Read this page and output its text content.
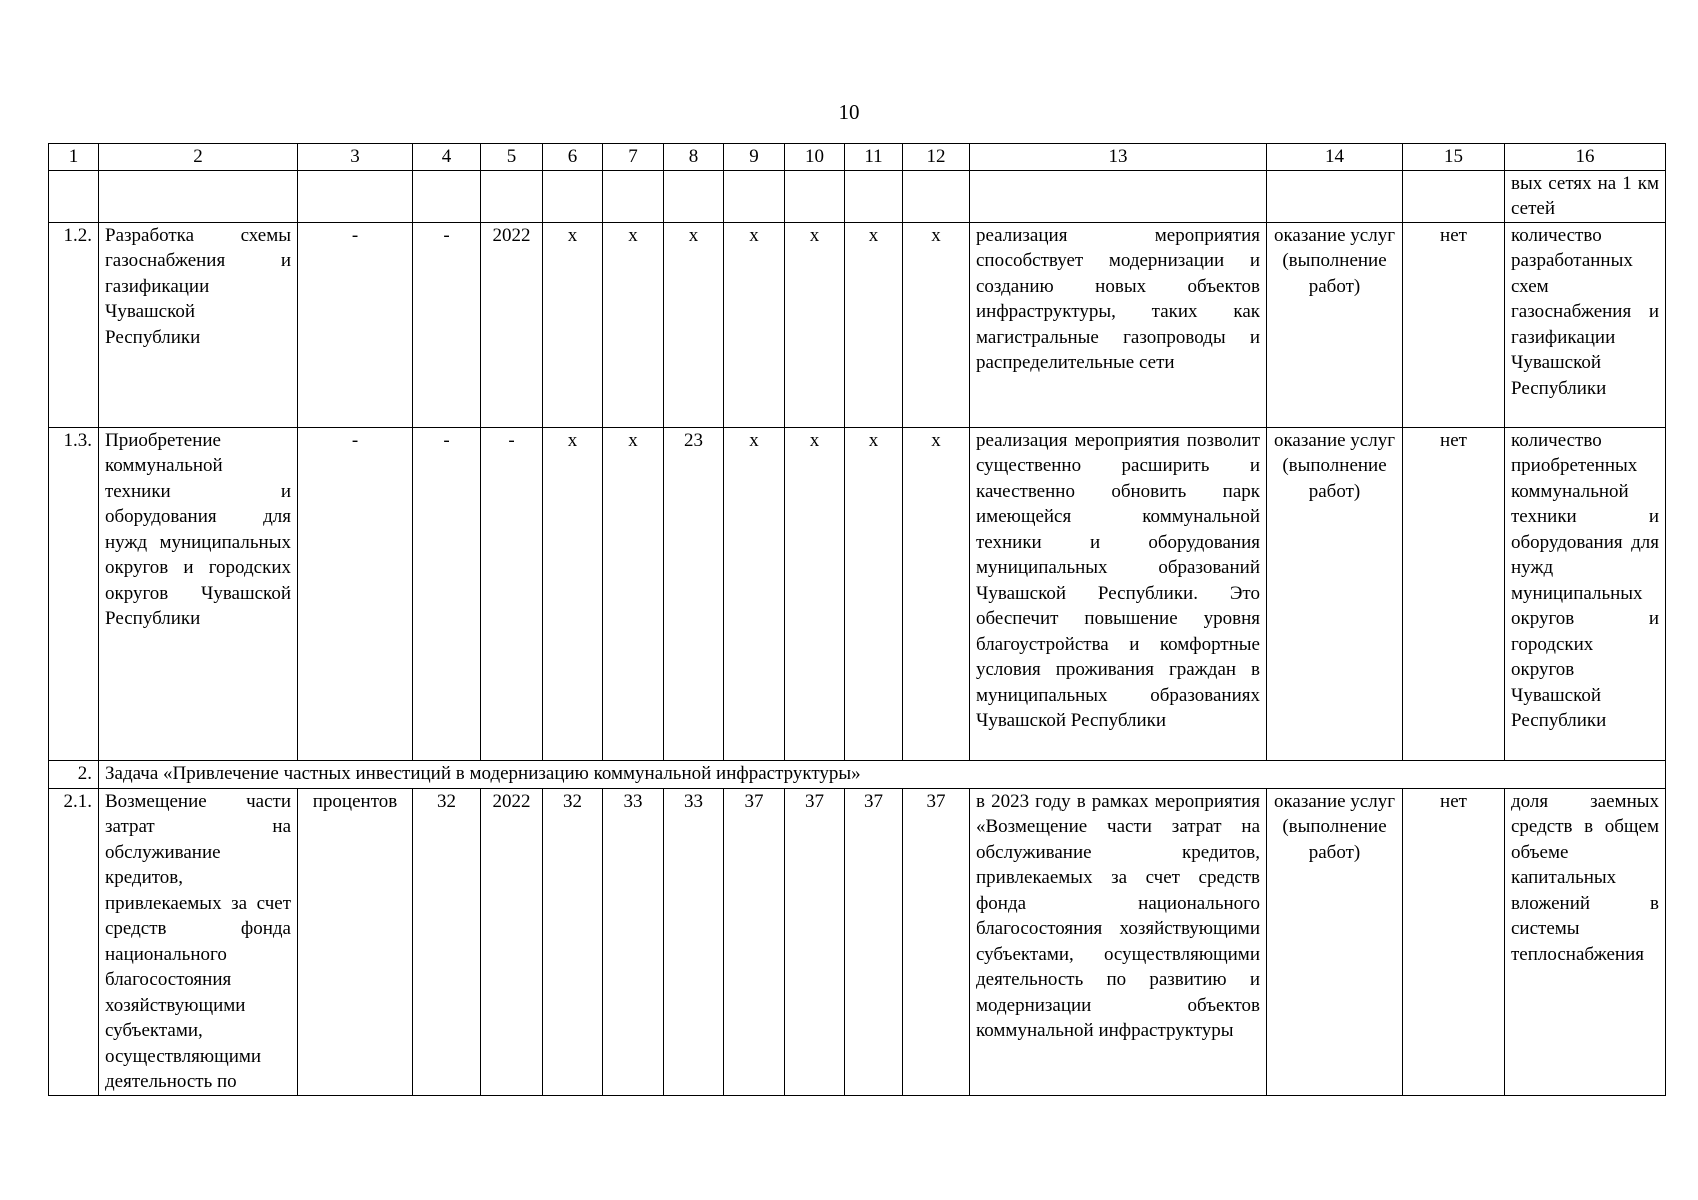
10
1	2	3	4	5	6	7	8	9	10	11	12	13	14	15	16
															вых сетях на 1 км сетей
1.2.	Разработка схемы газоснабжения и газификации Чувашской Республики	-	-	2022	х	х	х	х	х	х	х	реализация мероприятия способствует модернизации и созданию новых объектов инфраструктуры, таких как магистральные газопроводы и распределительные сети	оказание услуг (выполнение работ)	нет	количество разработанных схем газоснабжения и газификации Чувашской Республики
1.3.	Приобретение коммунальной техники и оборудования для нужд муниципальных округов и городских округов Чувашской Республики	-	-	-	х	х	23	х	х	х	х	реализация мероприятия позволит существенно расширить и качественно обновить парк имеющейся коммунальной техники и оборудования муниципальных образований Чувашской Республики. Это обеспечит повышение уровня благоустройства и комфортные условия проживания граждан в муниципальных образованиях Чувашской Республики	оказание услуг (выполнение работ)	нет	количество приобретенных коммунальной техники и оборудования для нужд муниципальных округов и городских округов Чувашской Республики
2.	Задача «Привлечение частных инвестиций в модернизацию коммунальной инфраструктуры»														
2.1.	Возмещение части затрат на обслуживание кредитов, привлекаемых за счет средств фонда национального благосостояния хозяйствующими субъектами, осуществляющими деятельность по	процентов	32	2022	32	33	33	37	37	37	37	в 2023 году в рамках мероприятия «Возмещение части затрат на обслуживание кредитов, привлекаемых за счет средств фонда национального благосостояния хозяйствующими субъектами, осуществляющими деятельность по развитию и модернизации объектов коммунальной инфраструктуры	оказание услуг (выполнение работ)	нет	доля заемных средств в общем объеме капитальных вложений в системы теплоснабжения
